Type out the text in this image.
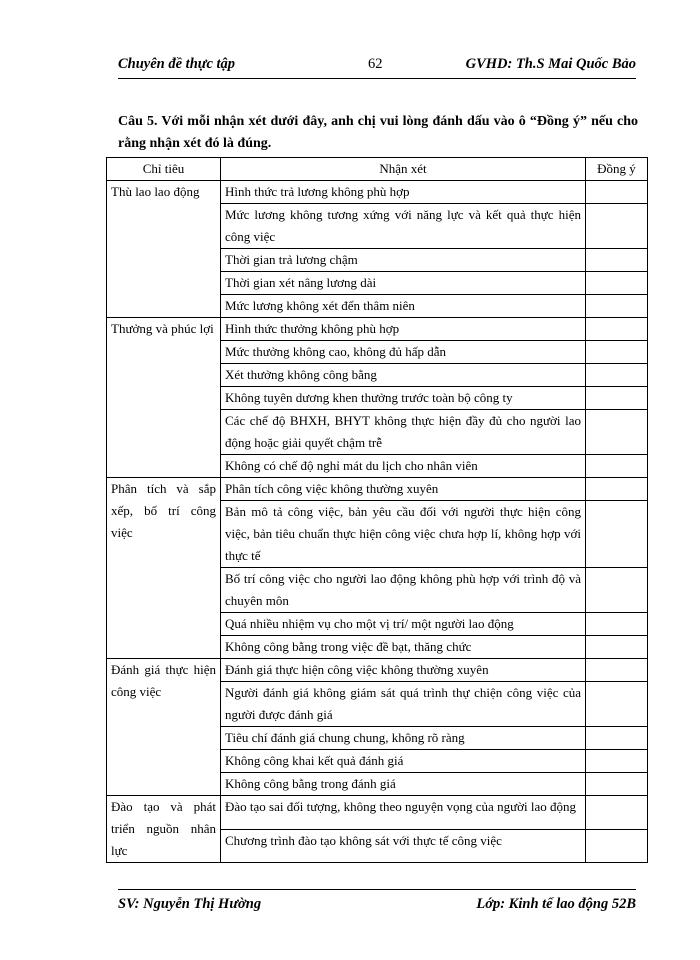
Chuyên đề thực tập	62	GVHD: Th.S Mai Quốc Bảo
Câu 5. Với mỗi nhận xét dưới đây, anh chị vui lòng đánh dấu vào ô “Đồng ý” nếu cho rằng nhận xét đó là đúng.
Chỉ tiêu	Nhận xét	Đồng ý
Thù lao lao động	Hình thức trả lương không phù hợp	
	Mức lương không tương xứng với năng lực và kết quả thực hiện công việc	
	Thời gian trả lương chậm	
	Thời gian xét nâng lương dài	
	Mức lương không xét đến thâm niên	
Thưởng và phúc lợi	Hình thức thưởng không phù hợp	
	Mức thưởng không cao, không đủ hấp dẫn	
	Xét thưởng không công bằng	
	Không tuyên dương khen thưởng trước toàn bộ công ty	
	Các chế độ BHXH, BHYT không thực hiện đầy đủ cho người lao động hoặc giải quyết chậm trễ	
	Không có chế độ nghỉ mát du lịch cho nhân viên	
Phân tích và sắp xếp, bố trí công việc	Phân tích công việc không thường xuyên	
	Bản mô tả công việc, bản yêu cầu đối với người thực hiện công việc, bản tiêu chuẩn thực hiện công việc chưa hợp lí, không hợp với thực tế	
	Bố trí công việc cho người lao động không phù hợp với trình độ và chuyên môn	
	Quá nhiều nhiệm vụ cho một vị trí/ một người lao động	
	Không công bằng trong việc đề bạt, thăng chức	
Đánh giá thực hiện công việc	Đánh giá thực hiện công việc không thường xuyên	
	Người đánh giá không giám sát quá trình thự chiện công việc của người được đánh giá	
	Tiêu chí đánh giá chung chung, không rõ ràng	
	Không công khai kết quả đánh giá	
	Không công bằng trong đánh giá	
Đào tạo và phát triển nguồn nhân lực	Đào tạo sai đối tượng, không theo nguyện vọng của người lao động	
	Chương trình đào tạo không sát với thực tế công việc	
SV: Nguyễn Thị Hường	Lớp: Kinh tế lao động 52B
